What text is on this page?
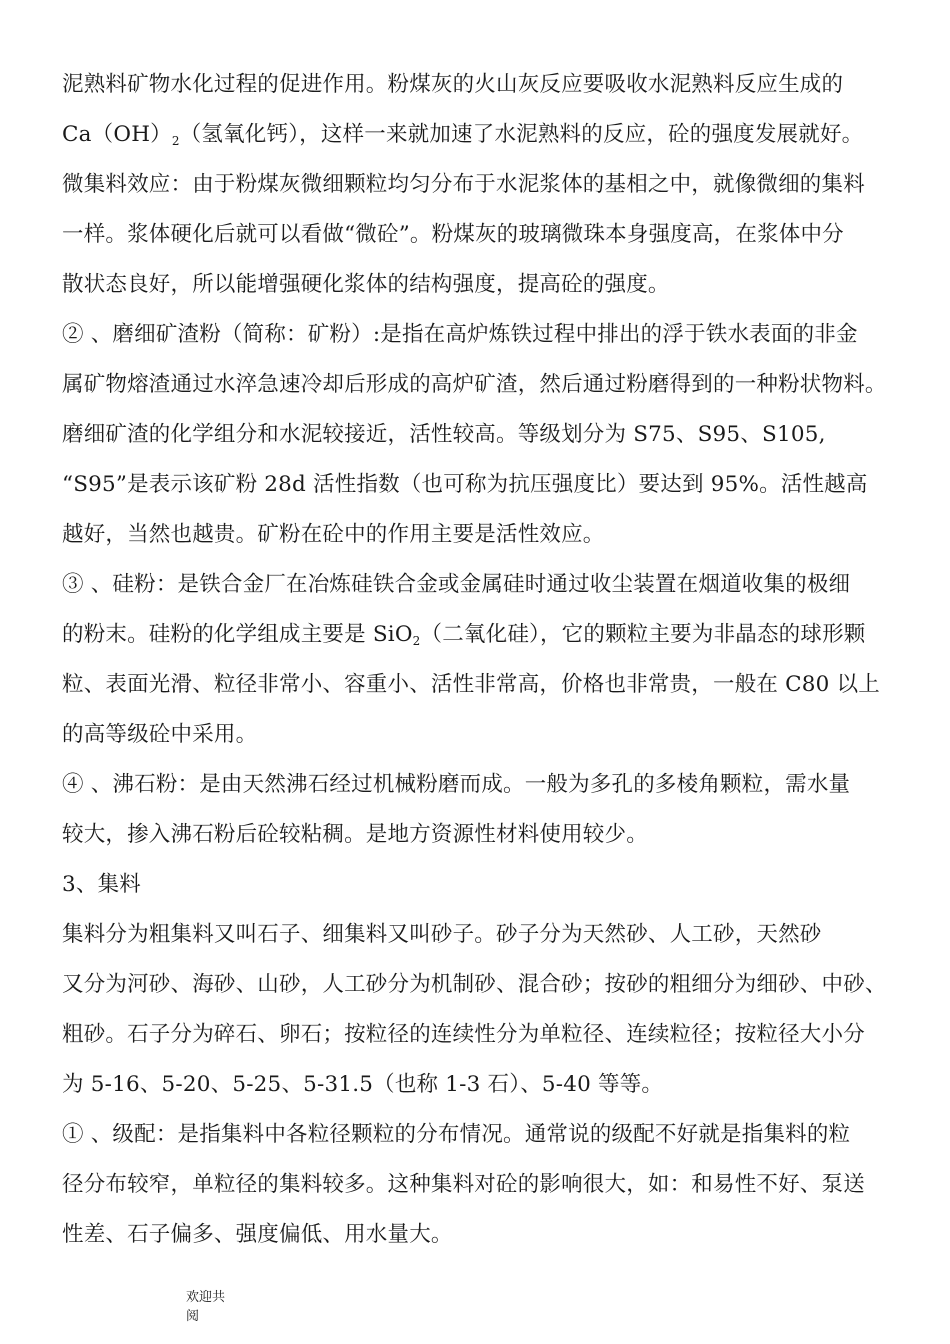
泥熟料矿物水化过程的促进作用。粉煤灰的火山灰反应要吸收水泥熟料反应生成的
$Ca(OH)_2$（氢氧化钙），这样一来就加速了水泥熟料的反应，砼的强度发展就好。
微集料效应：由于粉煤灰微细颗粒均匀分布于水泥浆体的基相之中，就像微细的集料
一样。浆体硬化后就可以看做“微砼”。粉煤灰的玻璃微珠本身强度高，在浆体中分
散状态良好，所以能增强硬化浆体的结构强度，提高砼的强度。
② 、磨细矿渣粉（简称：矿粉）:是指在高炉炼铁过程中排出的浮于铁水表面的非金
属矿物熔渣通过水淬急速冷却后形成的高炉矿渣，然后通过粉磨得到的一种粉状物料。
磨细矿渣的化学组分和水泥较接近，活性较高。等级划分为 S75、S95、S105,
“S95”是表示该矿粉 28d 活性指数（也可称为抗压强度比）要达到 95%。活性越高
越好，当然也越贵。矿粉在砼中的作用主要是活性效应。
③ 、硅粉：是铁合金厂在冶炼硅铁合金或金属硅时通过收尘装置在烟道收集的极细
的粉末。硅粉的化学组成主要是 SiO$_2$（二氧化硅），它的颗粒主要为非晶态的球形颗
粒、表面光滑、粒径非常小、容重小、活性非常高，价格也非常贵，一般在 C80 以上
的高等级砼中采用。
④ 、沸石粉：是由天然沸石经过机械粉磨而成。一般为多孔的多棱角颗粒，需水量
较大，掺入沸石粉后砼较粘稠。是地方资源性材料使用较少。
3、集料
集料分为粗集料又叫石子、细集料又叫砂子。砂子分为天然砂、人工砂，天然砂
又分为河砂、海砂、山砂，人工砂分为机制砂、混合砂；按砂的粗细分为细砂、中砂、
粗砂。石子分为碎石、卵石；按粒径的连续性分为单粒径、连续粒径；按粒径大小分
为 5-16、5-20、5-25、5-31.5（也称 1-3 石）、5-40 等等。
① 、级配：是指集料中各粒径颗粒的分布情况。通常说的级配不好就是指集料的粒
径分布较窄，单粒径的集料较多。这种集料对砼的影响很大，如：和易性不好、泵送
性差、石子偏多、强度偏低、用水量大。
欢迎共
阅
